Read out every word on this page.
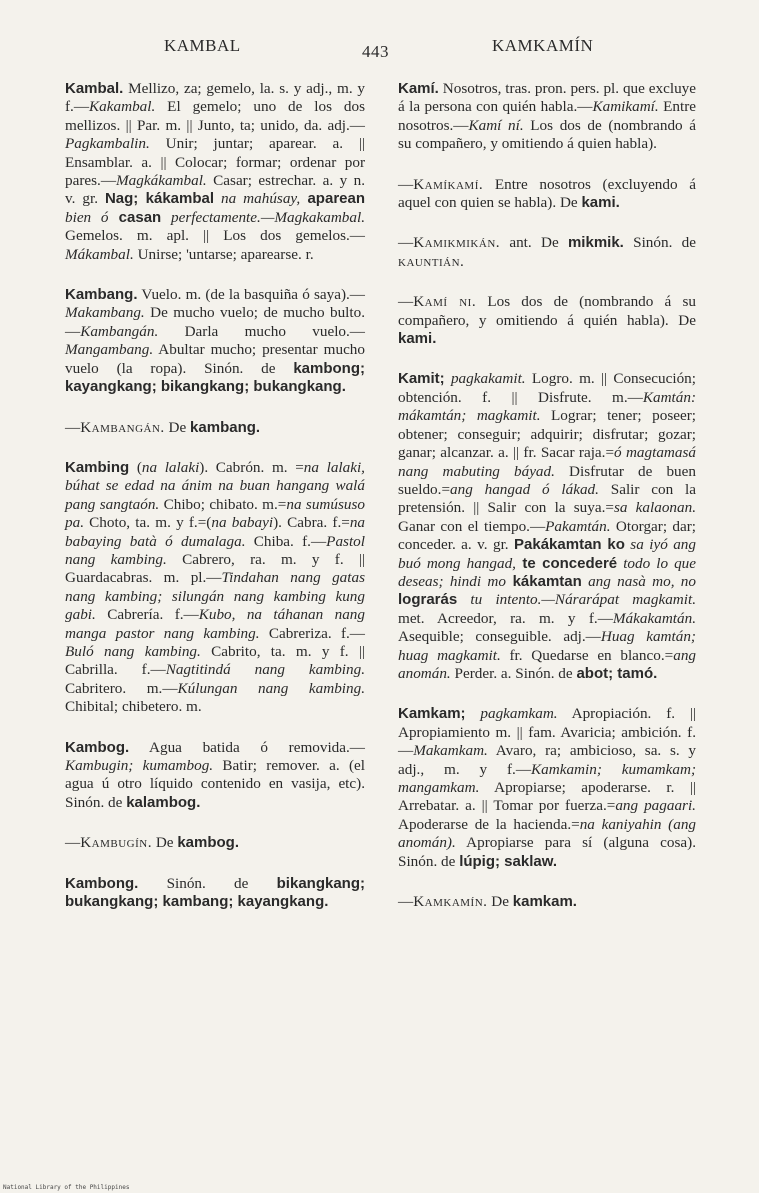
KAMBAL	443	KAMKAMÍN

Kambal. Mellizo, za; gemelo, la. s. y adj., m. y f.—Kakambal. El gemelo; uno de los dos mellizos. || Par. m. || Junto, ta; unido, da. adj.—Pagkambalin. Unir; juntar; aparear. a. || Ensamblar. a. || Colocar; formar; ordenar por pares.—Magkákambal. Casar; estrechar. a. y n. v. gr. Nag; kákambal na mahúsay, aparean bien ó casan perfectamente.—Magkakambal. Gemelos. m. apl. || Los dos gemelos.—Mákambal. Unirse; 'untarse; aparearse. r.

Kambang. Vuelo. m. (de la basquiña ó saya).—Makambang. De mucho vuelo; de mucho bulto.—Kambangán. Darla mucho vuelo.—Mangambang. Abultar mucho; presentar mucho vuelo (la ropa). Sinón. de kambong; kayangkang; bikangkang; bukangkang.

—Kambangán. De kambang.

Kambing (na lalaki). Cabrón. m. =na lalaki, búhat se edad na ánim na buan hangang walá pang sangtaón. Chibo; chibato. m.=na sumúsuso pa. Choto, ta. m. y f.=(na babayi). Cabra. f.=na babaying batà ó dumalaga. Chiba. f.—Pastol nang kambing. Cabrero, ra. m. y f. || Guardacabras. m. pl.—Tindahan nang gatas nang kambing; silungán nang kambing kung gabi. Cabrería. f.—Kubo, na táhanan nang manga pastor nang kambing. Cabreriza. f.—Buló nang kambing. Cabrito, ta. m. y f. || Cabrilla. f.—Nagtitindá nang kambing. Cabritero. m.—Kúlungan nang kambing. Chibital; chibetero. m.

Kambog. Agua batida ó removida.—Kambugin; kumambog. Batir; remover. a. (el agua ú otro líquido contenido en vasija, etc). Sinón. de kalambog.

—Kambugín. De kambog.

Kambong. Sinón. de bikangkang; bukangkang; kambang; kayangkang.

Kamí. Nosotros, tras. pron. pers. pl. que excluye á la persona con quién habla.—Kamikamí. Entre nosotros.—Kamí ní. Los dos de (nombrando á su compañero, y omitiendo á quien habla).

—Kamíkamí. Entre nosotros (excluyendo á aquel con quien se habla). De kami.

—Kamikmikán. ant. De mikmik. Sinón. de kauntián.

—Kamí ni. Los dos de (nombrando á su compañero, y omitiendo á quién habla). De kami.

Kamit; pagkakamit. Logro. m. || Consecución; obtención. f. || Disfrute. m.—Kamtán: mákamtán; magkamit. Lograr; tener; poseer; obtener; conseguir; adquirir; disfrutar; gozar; ganar; alcanzar. a. || fr. Sacar raja.=ó magtamasá nang mabuting báyad. Disfrutar de buen sueldo.=ang hangad ó lákad. Salir con la pretensión. || Salir con la suya.=sa kalaonan. Ganar con el tiempo.—Pakamtán. Otorgar; dar; conceder. a. v. gr. Pakákamtan ko sa iyó ang buó mong hangad, te concederé todo lo que deseas; hindi mo kákamtan ang nasà mo, no lograrás tu intento.—Nárarápat magkamit. met. Acreedor, ra. m. y f.—Mákakamtán. Asequible; conseguible. adj.—Huag kamtán; huag magkamit. fr. Quedarse en blanco.=ang anomán. Perder. a. Sinón. de abot; tamó.

Kamkam; pagkamkam. Apropiación. f. || Apropiamiento m. || fam. Avaricia; ambición. f.—Makamkam. Avaro, ra; ambicioso, sa. s. y adj., m. y f.—Kamkamin; kumamkam; mangamkam. Apropiarse; apoderarse. r. || Arrebatar. a. || Tomar por fuerza.=ang pagaari. Apoderarse de la hacienda.=na kaniyahin (ang anomán). Apropiarse para sí (alguna cosa). Sinón. de lúpig; saklaw.

—Kamkamín. De kamkam.

National Library of the Philippines
